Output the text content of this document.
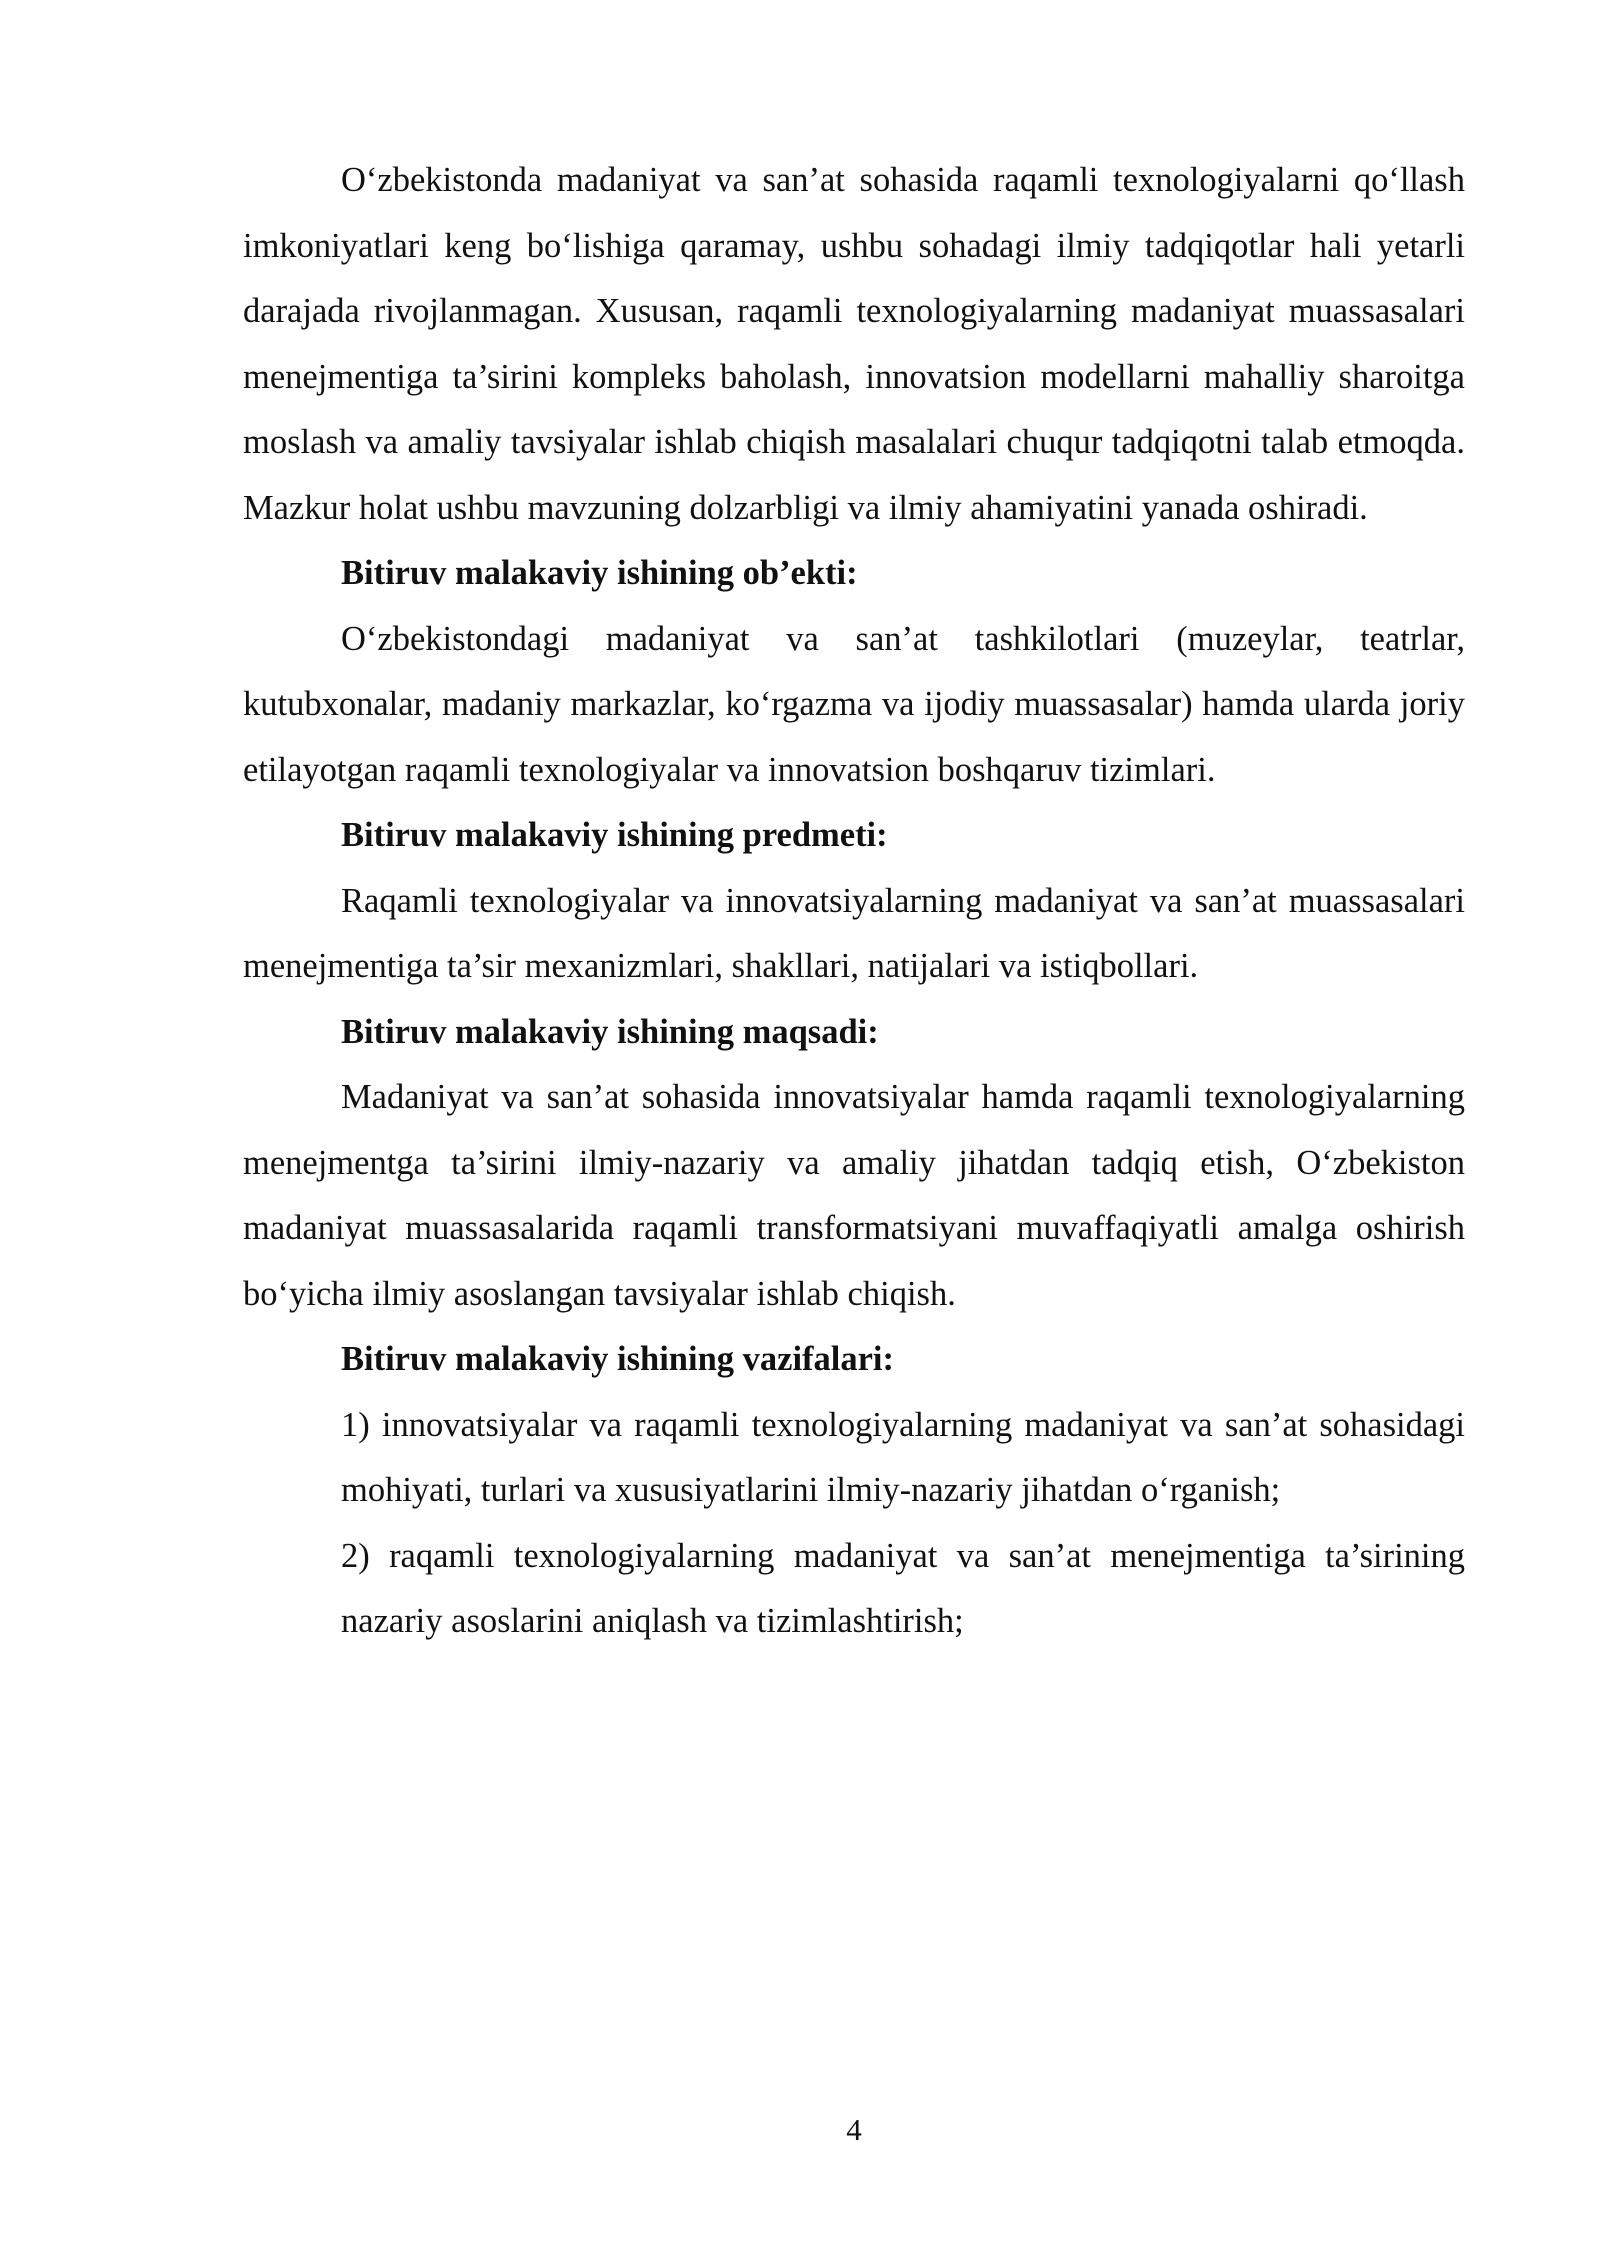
O‘zbekistonda madaniyat va san’at sohasida raqamli texnologiyalarni qo‘llash imkoniyatlari keng bo‘lishiga qaramay, ushbu sohadagi ilmiy tadqiqotlar hali yetarli darajada rivojlanmagan. Xususan, raqamli texnologiyalarning madaniyat muassasalari menejmentiga ta’sirini kompleks baholash, innovatsion modellarni mahalliy sharoitga moslash va amaliy tavsiyalar ishlab chiqish masalalari chuqur tadqiqotni talab etmoqda. Mazkur holat ushbu mavzuning dolzarbligi va ilmiy ahamiyatini yanada oshiradi.

Bitiruv malakaviy ishining ob’ekti:

O‘zbekistondagi madaniyat va san’at tashkilotlari (muzeylar, teatrlar, kutubxonalar, madaniy markazlar, ko‘rgazma va ijodiy muassasalar) hamda ularda joriy etilayotgan raqamli texnologiyalar va innovatsion boshqaruv tizimlari.

Bitiruv malakaviy ishining predmeti:

Raqamli texnologiyalar va innovatsiyalarning madaniyat va san’at muassasalari menejmentiga ta’sir mexanizmlari, shakllari, natijalari va istiqbollari.

Bitiruv malakaviy ishining maqsadi:

Madaniyat va san’at sohasida innovatsiyalar hamda raqamli texnologiyalarning menejmentga ta’sirini ilmiy-nazariy va amaliy jihatdan tadqiq etish, O‘zbekiston madaniyat muassasalarida raqamli transformatsiyani muvaffaqiyatli amalga oshirish bo‘yicha ilmiy asoslangan tavsiyalar ishlab chiqish.

Bitiruv malakaviy ishining vazifalari:

1) innovatsiyalar va raqamli texnologiyalarning madaniyat va san’at sohasidagi mohiyati, turlari va xususiyatlarini ilmiy-nazariy jihatdan o‘rganish;

2) raqamli texnologiyalarning madaniyat va san’at menejmentiga ta’sirining nazariy asoslarini aniqlash va tizimlashtirish;

4
